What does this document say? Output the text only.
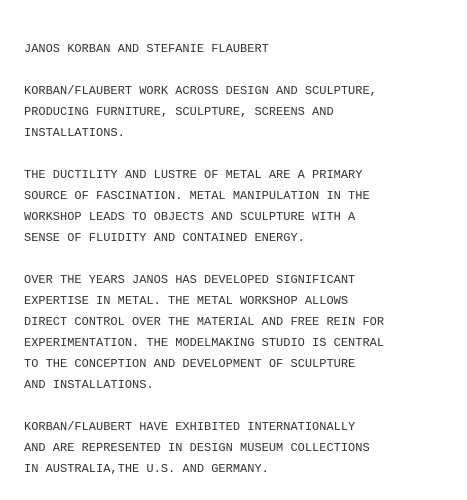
JANOS KORBAN AND STEFANIE FLAUBERT
KORBAN/FLAUBERT WORK ACROSS DESIGN AND SCULPTURE,
PRODUCING FURNITURE, SCULPTURE, SCREENS AND
INSTALLATIONS.
THE DUCTILITY AND LUSTRE OF METAL ARE A PRIMARY
SOURCE OF FASCINATION. METAL MANIPULATION IN THE
WORKSHOP LEADS TO OBJECTS AND SCULPTURE WITH A
SENSE OF FLUIDITY AND CONTAINED ENERGY.
OVER THE YEARS JANOS HAS DEVELOPED SIGNIFICANT
EXPERTISE IN METAL. THE METAL WORKSHOP ALLOWS
DIRECT CONTROL OVER THE MATERIAL AND FREE REIN FOR
EXPERIMENTATION. THE MODELMAKING STUDIO IS CENTRAL
TO THE CONCEPTION AND DEVELOPMENT OF SCULPTURE
AND INSTALLATIONS.
KORBAN/FLAUBERT HAVE EXHIBITED INTERNATIONALLY
AND ARE REPRESENTED IN DESIGN MUSEUM COLLECTIONS
IN AUSTRALIA,THE U.S. AND GERMANY.
